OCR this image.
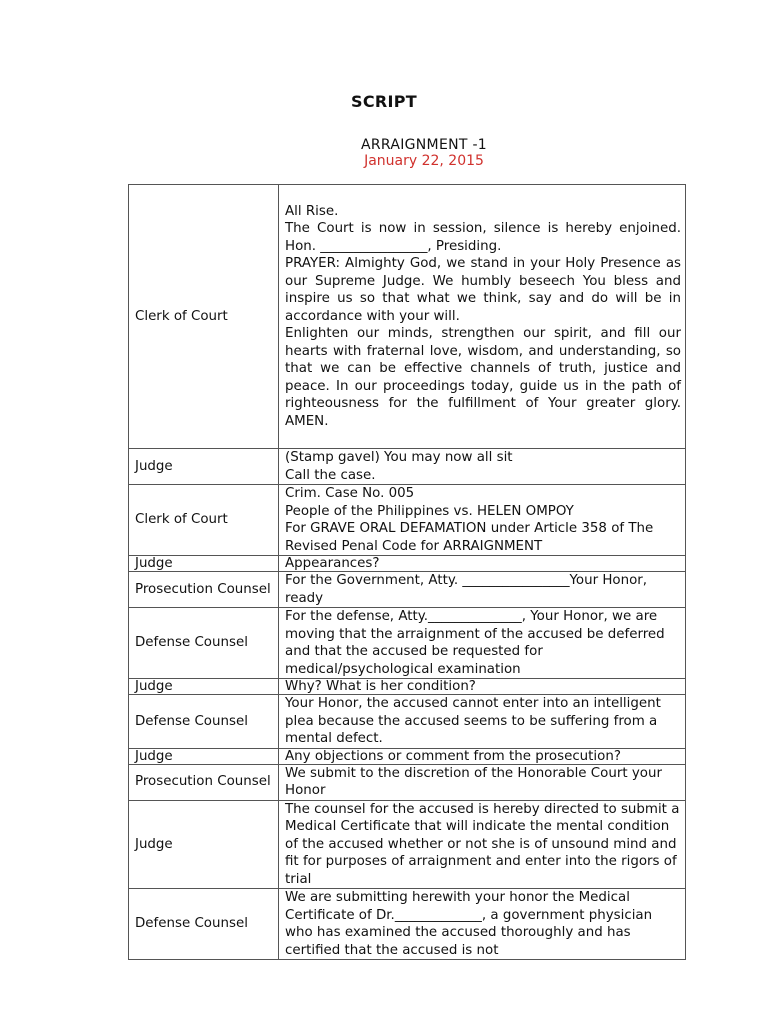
SCRIPT
ARRAIGNMENT -1
January 22, 2015
Clerk of Court	All Rise.
The Court is now in session, silence is hereby enjoined. Hon. ________________, Presiding.
PRAYER: Almighty God, we stand in your Holy Presence as our Supreme Judge. We humbly beseech You bless and inspire us so that what we think, say and do will be in accordance with your will.
Enlighten our minds, strengthen our spirit, and fill our hearts with fraternal love, wisdom, and understanding, so that we can be effective channels of truth, justice and peace. In our proceedings today, guide us in the path of righteousness for the fulfillment of Your greater glory. AMEN.

Judge	(Stamp gavel) You may now all sit
Call the case.

Clerk of Court	Crim. Case No. 005
People of the Philippines vs. HELEN OMPOY
For GRAVE ORAL DEFAMATION under Article 358 of The Revised Penal Code for ARRAIGNMENT

Judge	Appearances?
Prosecution Counsel	For the Government, Atty. ________________Your Honor, ready
Defense Counsel	For the defense, Atty.______________, Your Honor, we are moving that the arraignment of the accused be deferred and that the accused be requested for medical/psychological examination
Judge	Why? What is her condition?
Defense Counsel	Your Honor, the accused cannot enter into an intelligent plea because the accused seems to be suffering from a mental defect.
Judge	Any objections or comment from the prosecution?
Prosecution Counsel	We submit to the discretion of the Honorable Court your Honor
Judge	The counsel for the accused is hereby directed to submit a Medical Certificate that will indicate the mental condition of the accused whether or not she is of unsound mind and fit for purposes of arraignment and enter into the rigors of trial
Defense Counsel	We are submitting herewith your honor the Medical Certificate of Dr._____________, a government physician who has examined the accused thoroughly and has certified that the accused is not
